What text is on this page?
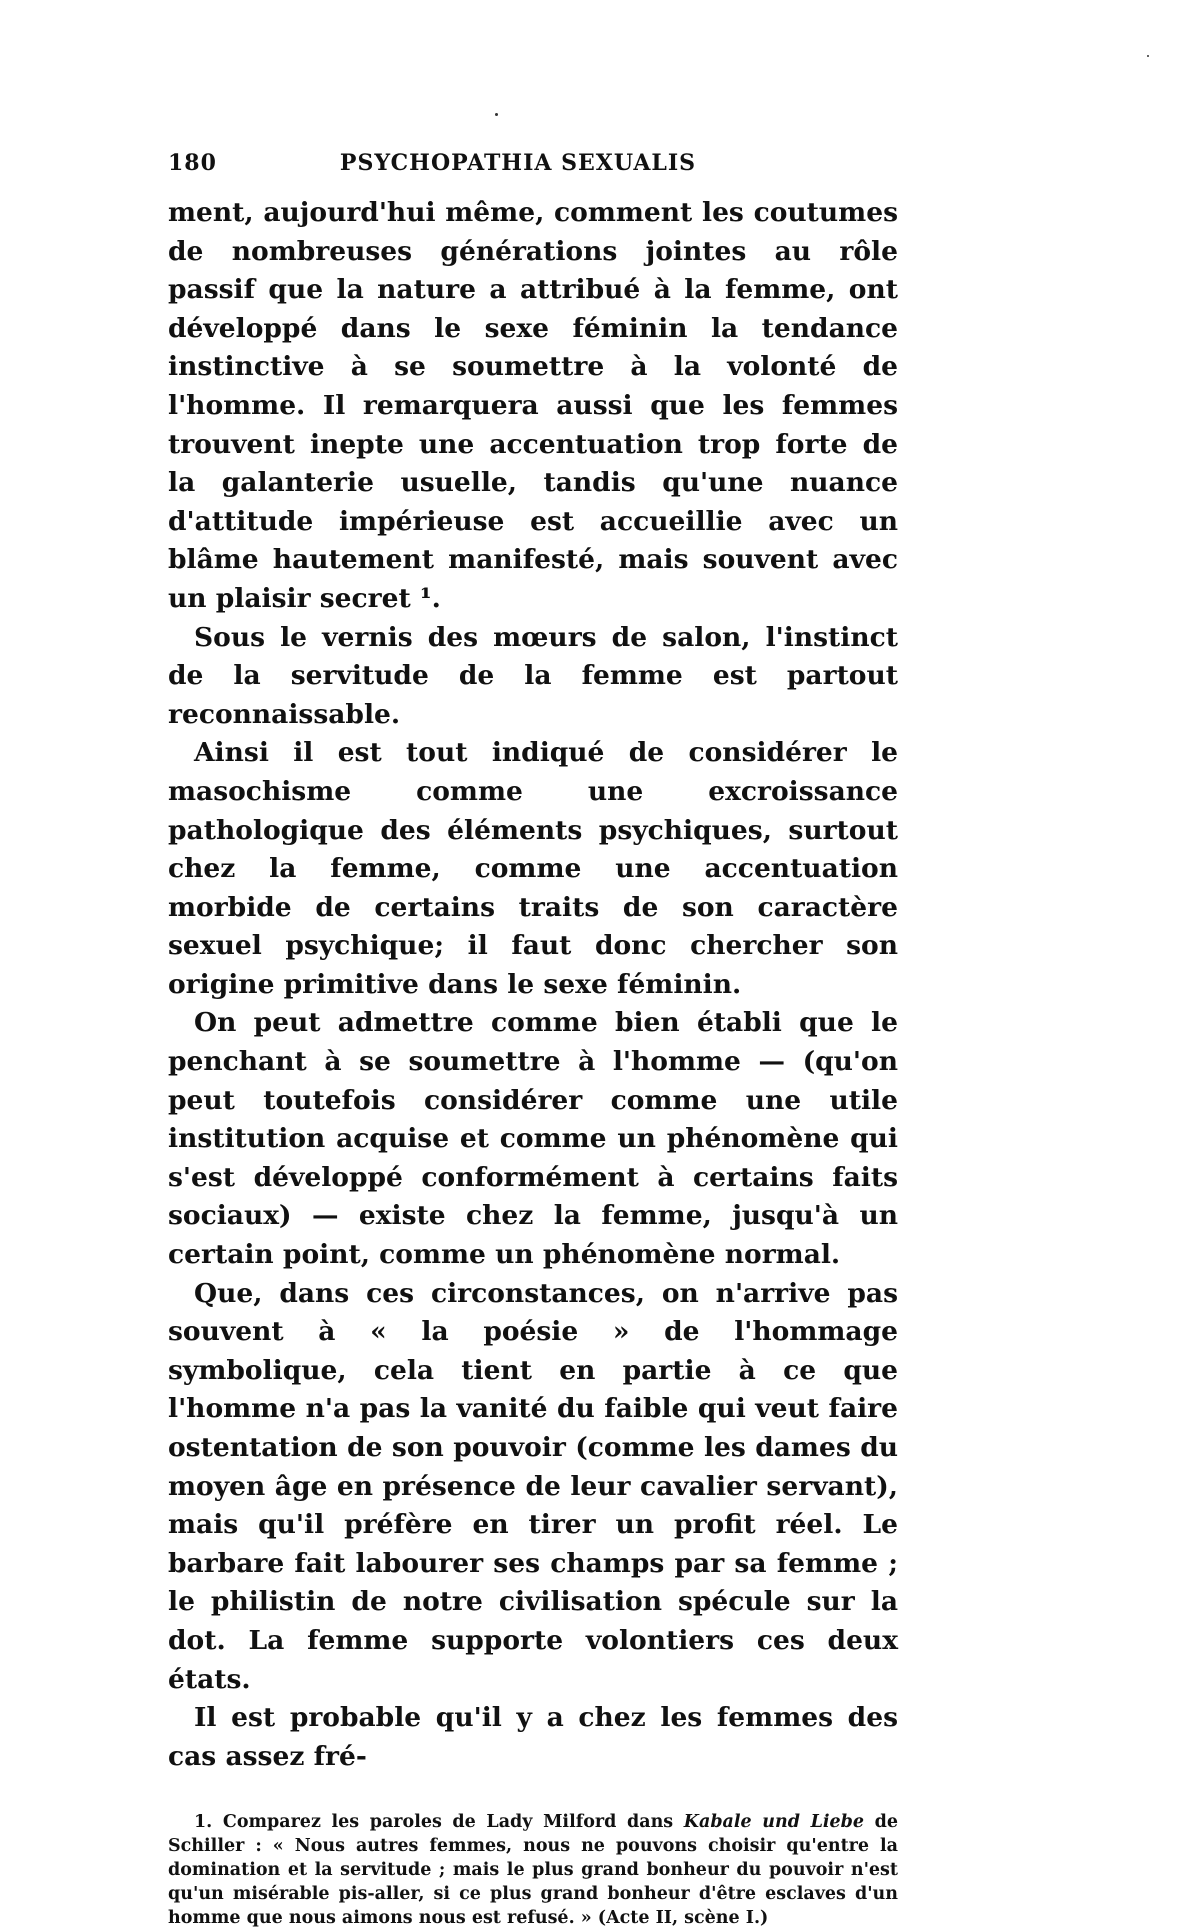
180	PSYCHOPATHIA SEXUALIS

ment, aujourd'hui même, comment les coutumes de nombreuses générations jointes au rôle passif que la nature a attribué à la femme, ont développé dans le sexe féminin la tendance instinctive à se soumettre à la volonté de l'homme. Il remarquera aussi que les femmes trouvent inepte une accentuation trop forte de la galanterie usuelle, tandis qu'une nuance d'attitude impérieuse est accueillie avec un blâme hautement manifesté, mais souvent avec un plaisir secret ¹.

Sous le vernis des mœurs de salon, l'instinct de la servitude de la femme est partout reconnaissable.

Ainsi il est tout indiqué de considérer le masochisme comme une excroissance pathologique des éléments psychiques, surtout chez la femme, comme une accentuation morbide de certains traits de son caractère sexuel psychique; il faut donc chercher son origine primitive dans le sexe féminin.

On peut admettre comme bien établi que le penchant à se soumettre à l'homme — (qu'on peut toutefois considérer comme une utile institution acquise et comme un phénomène qui s'est développé conformément à certains faits sociaux) — existe chez la femme, jusqu'à un certain point, comme un phénomène normal.

Que, dans ces circonstances, on n'arrive pas souvent à « la poésie » de l'hommage symbolique, cela tient en partie à ce que l'homme n'a pas la vanité du faible qui veut faire ostentation de son pouvoir (comme les dames du moyen âge en présence de leur cavalier servant), mais qu'il préfère en tirer un profit réel. Le barbare fait labourer ses champs par sa femme ; le philistin de notre civilisation spécule sur la dot. La femme supporte volontiers ces deux états.

Il est probable qu'il y a chez les femmes des cas assez fré-

1. Comparez les paroles de Lady Milford dans Kabale und Liebe de Schiller : « Nous autres femmes, nous ne pouvons choisir qu'entre la domination et la servitude ; mais le plus grand bonheur du pouvoir n'est qu'un misérable pis-aller, si ce plus grand bonheur d'être esclaves d'un homme que nous aimons nous est refusé. » (Acte II, scène I.)
